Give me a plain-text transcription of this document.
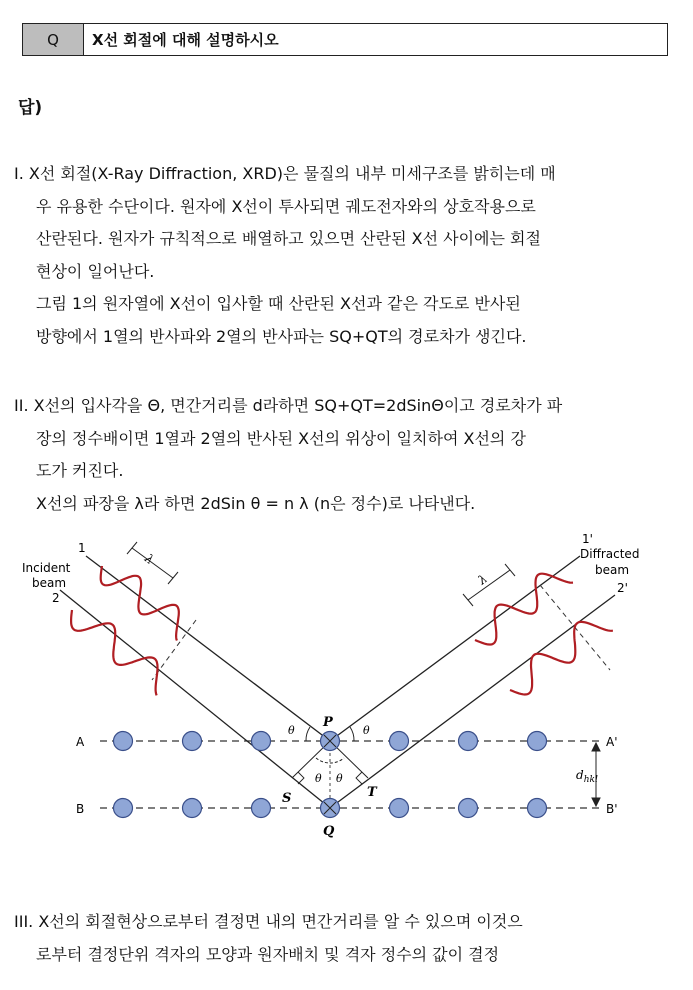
Q	X선 회절에 대해 설명하시오
답)
I. X선 회절(X-Ray Diffraction, XRD)은 물질의 내부 미세구조를 밝히는데 매
우 유용한 수단이다. 원자에 X선이 투사되면 궤도전자와의 상호작용으로
산란된다. 원자가 규칙적으로 배열하고 있으면 산란된 X선 사이에는 회절
현상이 일어난다.
그림 1의 원자열에 X선이 입사할 때 산란된 X선과 같은 각도로 반사된
방향에서 1열의 반사파와 2열의 반사파는 SQ+QT의 경로차가 생긴다.
II. X선의 입사각을 Θ, 면간거리를 d라하면 SQ+QT=2dSinΘ이고 경로차가 파
장의 정수배이면 1열과 2열의 반사된 X선의 위상이 일치하여 X선의 강
도가 커진다.
X선의 파장을 λ라 하면 2dSin θ = n λ (n은 정수)로 나타낸다.
λ
λ
Incident
beam
1
2
Diffracted
beam
1'
2'
P
Q
S	T
θ	θ
θ θ
A
B
A'
B'
$d_{hkl}$
III. X선의 회절현상으로부터 결정면 내의 면간거리를 알 수 있으며 이것으
로부터 결정단위 격자의 모양과 원자배치 및 격자 정수의 값이 결정
